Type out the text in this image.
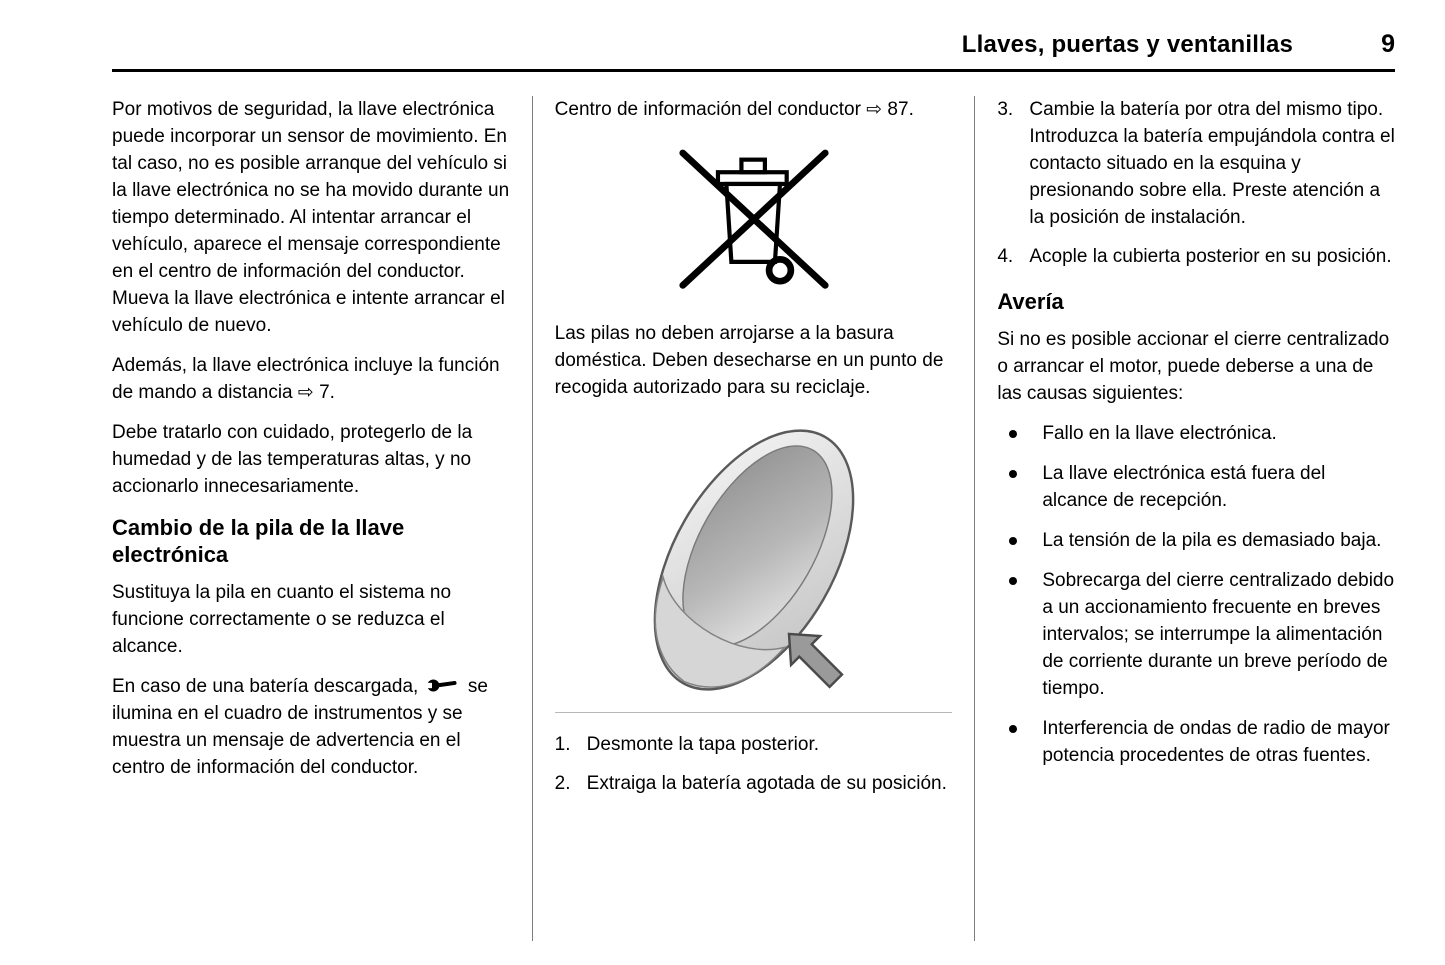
Llaves, puertas y ventanillas	9

Por motivos de seguridad, la llave electrónica puede incorporar un sensor de movimiento. En tal caso, no es posible arranque del vehículo si la llave electrónica no se ha movido durante un tiempo determinado. Al intentar arrancar el vehículo, aparece el mensaje correspondiente en el centro de información del conductor. Mueva la llave electrónica e intente arrancar el vehículo de nuevo.

Además, la llave electrónica incluye la función de mando a distancia ⇨ 7.

Debe tratarlo con cuidado, protegerlo de la humedad y de las temperaturas altas, y no accionarlo innecesariamente.

Cambio de la pila de la llave electrónica

Sustituya la pila en cuanto el sistema no funcione correctamente o se reduzca el alcance.

En caso de una batería descargada,	se ilumina en el cuadro de instrumentos y se muestra un mensaje de advertencia en el centro de información del conductor.

Centro de información del conductor ⇨ 87.

Las pilas no deben arrojarse a la basura doméstica. Deben desecharse en un punto de recogida autorizado para su reciclaje.

1. Desmonte la tapa posterior.
2. Extraiga la batería agotada de su posición.
3. Cambie la batería por otra del mismo tipo. Introduzca la batería empujándola contra el contacto situado en la esquina y presionando sobre ella. Preste atención a la posición de instalación.
4. Acople la cubierta posterior en su posición.
Avería

Si no es posible accionar el cierre centralizado o arrancar el motor, puede deberse a una de las causas siguientes:

Fallo en la llave electrónica.
La llave electrónica está fuera del alcance de recepción.
La tensión de la pila es demasiado baja.
Sobrecarga del cierre centralizado debido a un accionamiento frecuente en breves intervalos; se interrumpe la alimentación de corriente durante un breve período de tiempo.
Interferencia de ondas de radio de mayor potencia procedentes de otras fuentes.
